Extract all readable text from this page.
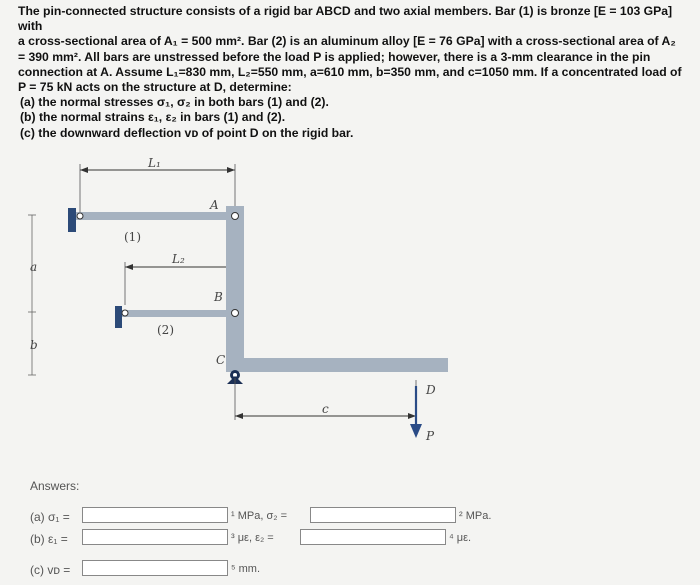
The pin-connected structure consists of a rigid bar ABCD and two axial members. Bar (1) is bronze [E = 103 GPa] with

a cross-sectional area of A₁ = 500 mm². Bar (2) is an aluminum alloy [E = 76 GPa] with a cross-sectional area of A₂

= 390 mm². All bars are unstressed before the load P is applied; however, there is a 3-mm clearance in the pin

connection at A. Assume L₁=830 mm, L₂=550 mm, a=610 mm, b=350 mm, and c=1050 mm. If a concentrated load of

P = 75 kN acts on the structure at D, determine:

(a) the normal stresses σ₁, σ₂ in both bars (1) and (2).

(b) the normal strains ε₁, ε₂ in bars (1) and (2).

(c) the downward deflection vᴅ of point D on the rigid bar.

L₁
L₂
A
B
C
D
a
b
c
P
(1)
(2)
Answers:
(a) σ₁ =	¹ MPa, σ₂ =	² MPa.
(b) ε₁ =	³ με, ε₂ =	⁴ με.
(c) vᴅ =	⁵ mm.
